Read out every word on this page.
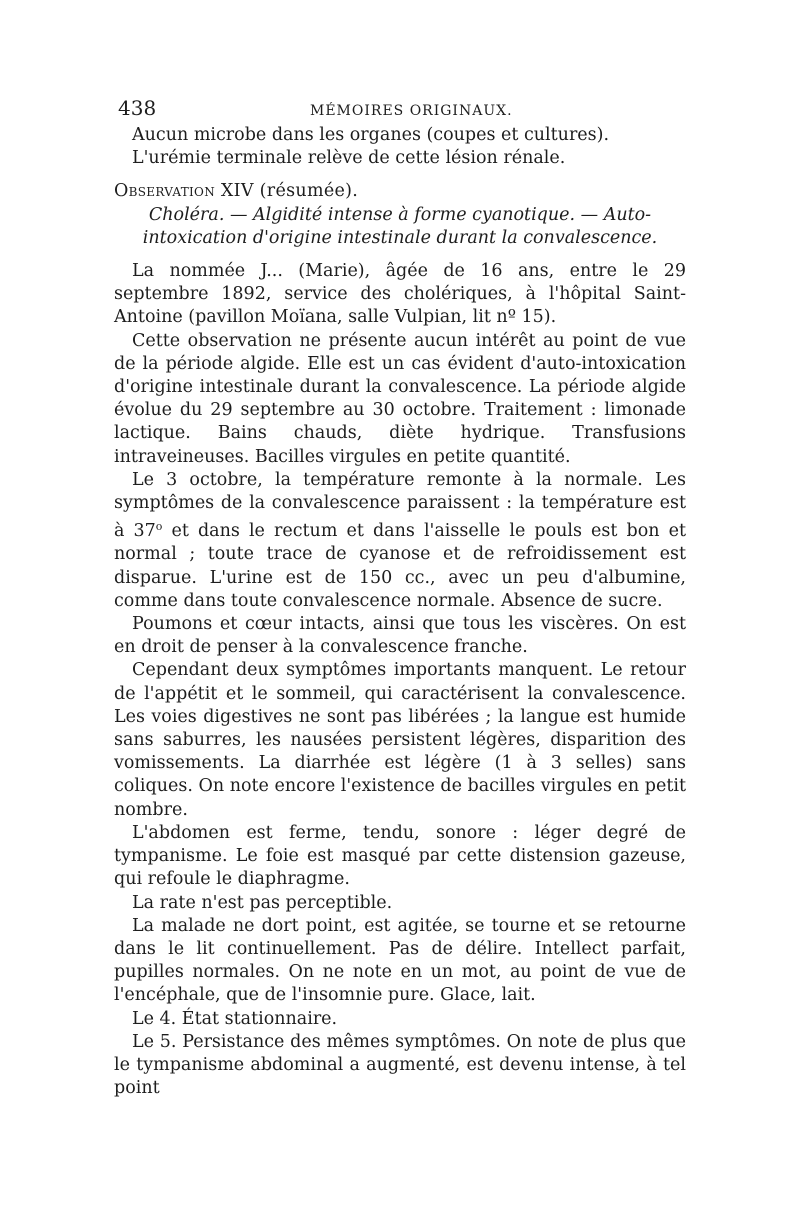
438	MÉMOIRES ORIGINAUX.

Aucun microbe dans les organes (coupes et cultures).

L'urémie terminale relève de cette lésion rénale.

Observation XIV (résumée).

Choléra. — Algidité intense à forme cyanotique. — Auto-intoxication d'origine intestinale durant la convalescence.

La nommée J... (Marie), âgée de 16 ans, entre le 29 septembre 1892, service des cholériques, à l'hôpital Saint-Antoine (pavillon Moïana, salle Vulpian, lit nº 15).

Cette observation ne présente aucun intérêt au point de vue de la période algide. Elle est un cas évident d'auto-intoxication d'origine intestinale durant la convalescence. La période algide évolue du 29 septembre au 30 octobre. Traitement : limonade lactique. Bains chauds, diète hydrique. Transfusions intraveineuses. Bacilles virgules en petite quantité.

Le 3 octobre, la température remonte à la normale. Les symptômes de la convalescence paraissent : la température est à 37$^o$ et dans le rectum et dans l'aisselle le pouls est bon et normal ; toute trace de cyanose et de refroidissement est disparue. L'urine est de 150 cc., avec un peu d'albumine, comme dans toute convalescence normale. Absence de sucre.

Poumons et cœur intacts, ainsi que tous les viscères. On est en droit de penser à la convalescence franche.

Cependant deux symptômes importants manquent. Le retour de l'appétit et le sommeil, qui caractérisent la convalescence. Les voies digestives ne sont pas libérées ; la langue est humide sans saburres, les nausées persistent légères, disparition des vomissements. La diarrhée est légère (1 à 3 selles) sans coliques. On note encore l'existence de bacilles virgules en petit nombre.

L'abdomen est ferme, tendu, sonore : léger degré de tympanisme. Le foie est masqué par cette distension gazeuse, qui refoule le diaphragme.

La rate n'est pas perceptible.

La malade ne dort point, est agitée, se tourne et se retourne dans le lit continuellement. Pas de délire. Intellect parfait, pupilles normales. On ne note en un mot, au point de vue de l'encéphale, que de l'insomnie pure. Glace, lait.

Le 4. État stationnaire.

Le 5. Persistance des mêmes symptômes. On note de plus que le tympanisme abdominal a augmenté, est devenu intense, à tel point
